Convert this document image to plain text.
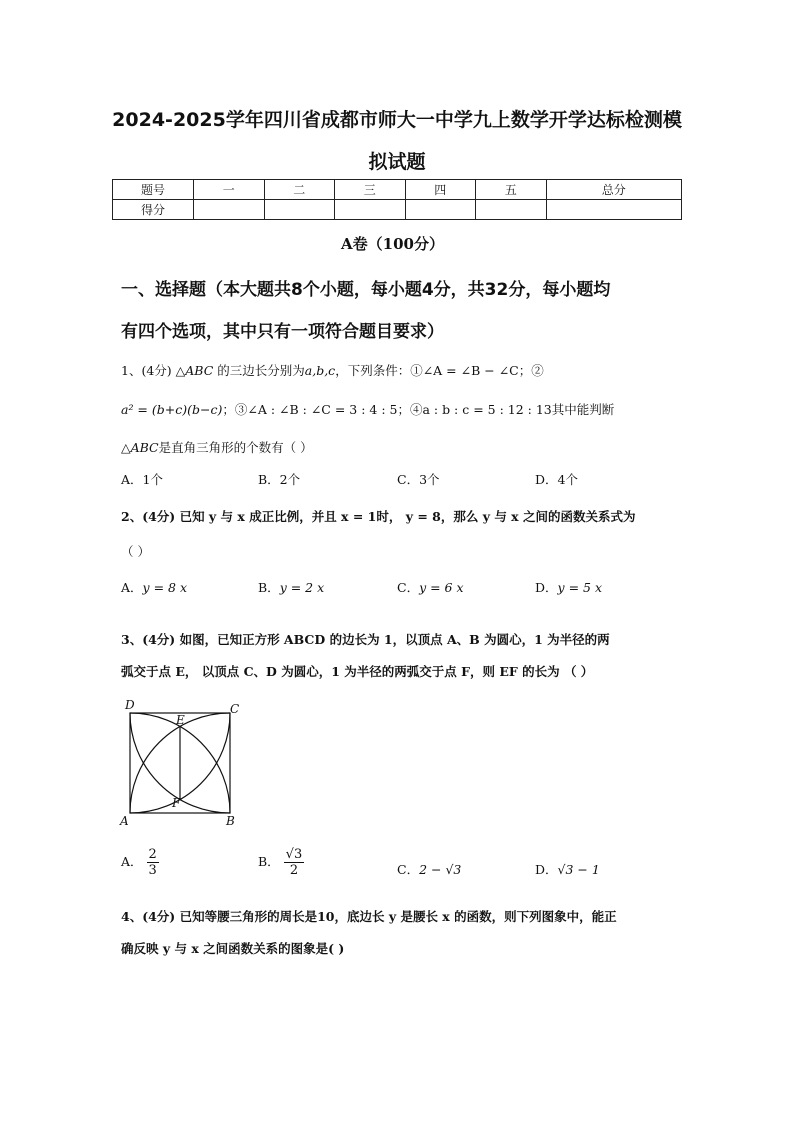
2024-2025学年四川省成都市师大一中学九上数学开学达标检测模
拟试题
题号	一	二	三	四	五	总分
得分						
A卷（100分）
一、选择题（本大题共8个小题，每小题4分，共32分，每小题均
有四个选项，其中只有一项符合题目要求）
1、(4分) △ABC 的三边长分别为a,b,c，下列条件：①∠A = ∠B − ∠C；②
a² = (b+c)(b−c)；③∠A : ∠B : ∠C = 3 : 4 : 5；④a : b : c = 5 : 12 : 13其中能判断
△ABC是直角三角形的个数有（ ）
A．1个	B．2个	C．3个	D．4个
2、(4分) 已知 y 与 x 成正比例，并且 x = 1时， y = 8，那么 y 与 x 之间的函数关系式为
（ ）
A．y = 8 x	B．y = 2 x	C．y = 6 x	D．y = 5 x
3、(4分) 如图，已知正方形 ABCD 的边长为 1，以顶点 A、B 为圆心，1 为半径的两
弧交于点 E， 以顶点 C、D 为圆心，1 为半径的两弧交于点 F，则 EF 的长为 （ ）
D	C
E
F
A	B
A． $\frac{2}{3}$	B． $\frac{√3}{2}$	C．2 − √3	D．√3 − 1
4、(4分) 已知等腰三角形的周长是10，底边长 y 是腰长 x 的函数，则下列图象中，能正
确反映 y 与 x 之间函数关系的图象是( )
